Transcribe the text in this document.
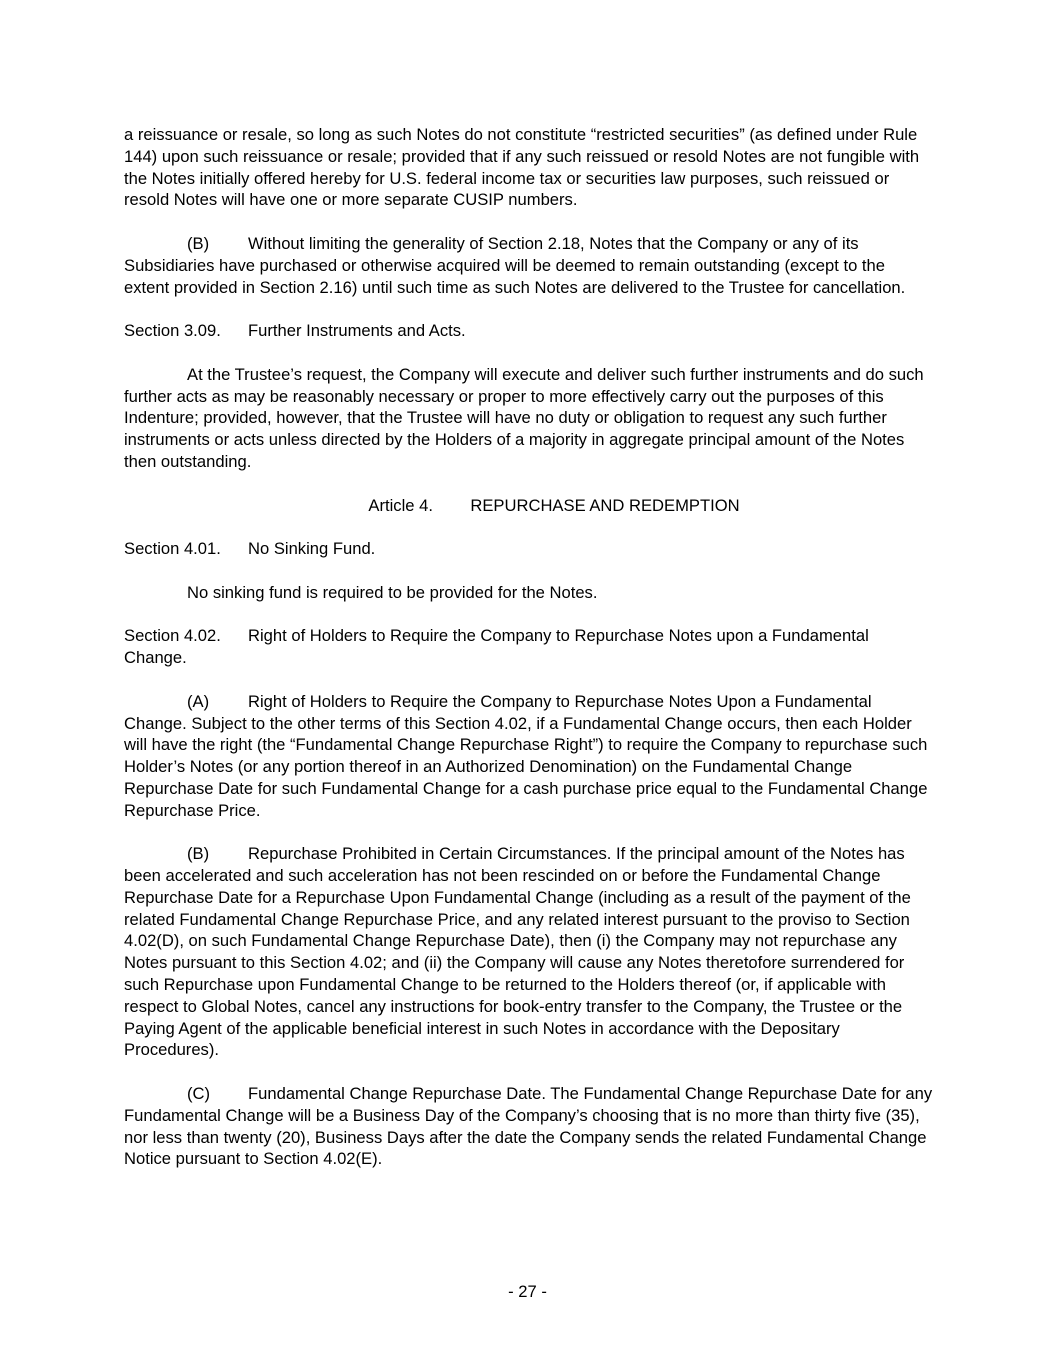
a reissuance or resale, so long as such Notes do not constitute “restricted securities” (as defined under Rule 144) upon such reissuance or resale; provided that if any such reissued or resold Notes are not fungible with the Notes initially offered hereby for U.S. federal income tax or securities law purposes, such reissued or resold Notes will have one or more separate CUSIP numbers.

(B) Without limiting the generality of Section 2.18, Notes that the Company or any of its Subsidiaries have purchased or otherwise acquired will be deemed to remain outstanding (except to the extent provided in Section 2.16) until such time as such Notes are delivered to the Trustee for cancellation.

Section 3.09. Further Instruments and Acts.

At the Trustee’s request, the Company will execute and deliver such further instruments and do such further acts as may be reasonably necessary or proper to more effectively carry out the purposes of this Indenture; provided, however, that the Trustee will have no duty or obligation to request any such further instruments or acts unless directed by the Holders of a majority in aggregate principal amount of the Notes then outstanding.

Article 4. REPURCHASE AND REDEMPTION

Section 4.01. No Sinking Fund.

No sinking fund is required to be provided for the Notes.

Section 4.02. Right of Holders to Require the Company to Repurchase Notes upon a Fundamental Change.

(A) Right of Holders to Require the Company to Repurchase Notes Upon a Fundamental Change. Subject to the other terms of this Section 4.02, if a Fundamental Change occurs, then each Holder will have the right (the “Fundamental Change Repurchase Right”) to require the Company to repurchase such Holder’s Notes (or any portion thereof in an Authorized Denomination) on the Fundamental Change Repurchase Date for such Fundamental Change for a cash purchase price equal to the Fundamental Change Repurchase Price.

(B) Repurchase Prohibited in Certain Circumstances. If the principal amount of the Notes has been accelerated and such acceleration has not been rescinded on or before the Fundamental Change Repurchase Date for a Repurchase Upon Fundamental Change (including as a result of the payment of the related Fundamental Change Repurchase Price, and any related interest pursuant to the proviso to Section 4.02(D), on such Fundamental Change Repurchase Date), then (i) the Company may not repurchase any Notes pursuant to this Section 4.02; and (ii) the Company will cause any Notes theretofore surrendered for such Repurchase upon Fundamental Change to be returned to the Holders thereof (or, if applicable with respect to Global Notes, cancel any instructions for book-entry transfer to the Company, the Trustee or the Paying Agent of the applicable beneficial interest in such Notes in accordance with the Depositary Procedures).

(C) Fundamental Change Repurchase Date. The Fundamental Change Repurchase Date for any Fundamental Change will be a Business Day of the Company’s choosing that is no more than thirty five (35), nor less than twenty (20), Business Days after the date the Company sends the related Fundamental Change Notice pursuant to Section 4.02(E).

- 27 -
